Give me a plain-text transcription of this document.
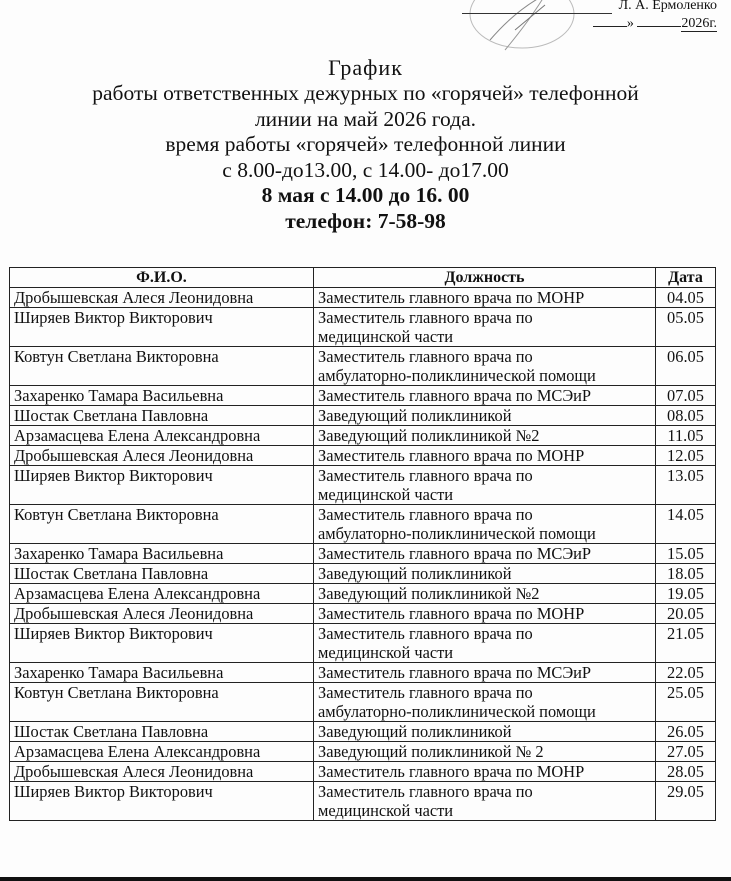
Л. А. Ермоленко
»	2026г.
График
работы ответственных дежурных по «горячей» телефонной
линии на май 2026 года.
время работы «горячей» телефонной линии
с 8.00-до13.00, с 14.00- до17.00
8 мая с 14.00 до 16. 00
телефон: 7-58-98
Ф.И.О.	Должность	Дата
Дробышевская Алеся Леонидовна	Заместитель главного врача по МОНР	04.05
Ширяев Виктор Викторович	Заместитель главного врача по
медицинской части	05.05
Ковтун Светлана Викторовна	Заместитель главного врача по
амбулаторно-поликлинической помощи	06.05
Захаренко Тамара Васильевна	Заместитель главного врача по МСЭиР	07.05
Шостак Светлана Павловна	Заведующий поликлиникой	08.05
Арзамасцева Елена Александровна	Заведующий поликлиникой №2	11.05
Дробышевская Алеся Леонидовна	Заместитель главного врача по МОНР	12.05
Ширяев Виктор Викторович	Заместитель главного врача по
медицинской части	13.05
Ковтун Светлана Викторовна	Заместитель главного врача по
амбулаторно-поликлинической помощи	14.05
Захаренко Тамара Васильевна	Заместитель главного врача по МСЭиР	15.05
Шостак Светлана Павловна	Заведующий поликлиникой	18.05
Арзамасцева Елена Александровна	Заведующий поликлиникой №2	19.05
Дробышевская Алеся Леонидовна	Заместитель главного врача по МОНР	20.05
Ширяев Виктор Викторович	Заместитель главного врача по
медицинской части	21.05
Захаренко Тамара Васильевна	Заместитель главного врача по МСЭиР	22.05
Ковтун Светлана Викторовна	Заместитель главного врача по
амбулаторно-поликлинической помощи	25.05
Шостак Светлана Павловна	Заведующий поликлиникой	26.05
Арзамасцева Елена Александровна	Заведующий поликлиникой № 2	27.05
Дробышевская Алеся Леонидовна	Заместитель главного врача по МОНР	28.05
Ширяев Виктор Викторович	Заместитель главного врача по
медицинской части	29.05
